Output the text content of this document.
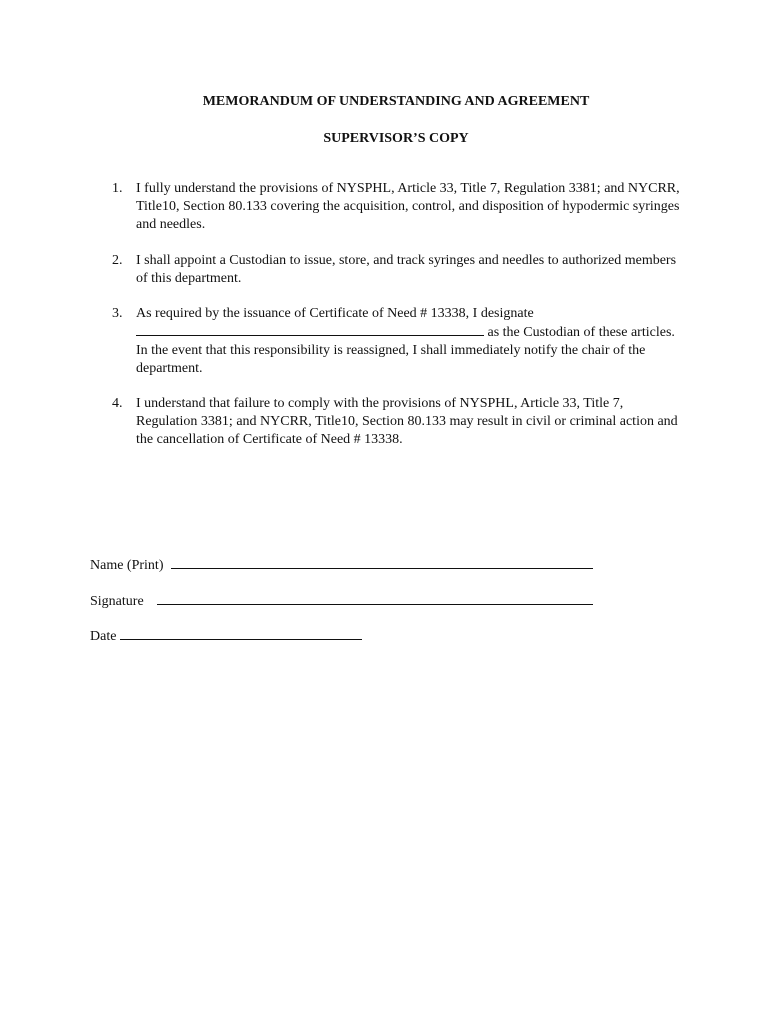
MEMORANDUM OF UNDERSTANDING AND AGREEMENT
SUPERVISOR’S COPY
1. I fully understand the provisions of NYSPHL, Article 33, Title 7, Regulation 3381; and NYCRR, Title10, Section 80.133 covering the acquisition, control, and disposition of hypodermic syringes and needles.
2. I shall appoint a Custodian to issue, store, and track syringes and needles to authorized members of this department.
3. As required by the issuance of Certificate of Need # 13338, I designate
as the Custodian of these articles. In the event that this responsibility is reassigned, I shall immediately notify the chair of the department.
4. I understand that failure to comply with the provisions of NYSPHL, Article 33, Title 7, Regulation 3381; and NYCRR, Title10, Section 80.133 may result in civil or criminal action and the cancellation of Certificate of Need # 13338.
Name (Print)
Signature
Date
